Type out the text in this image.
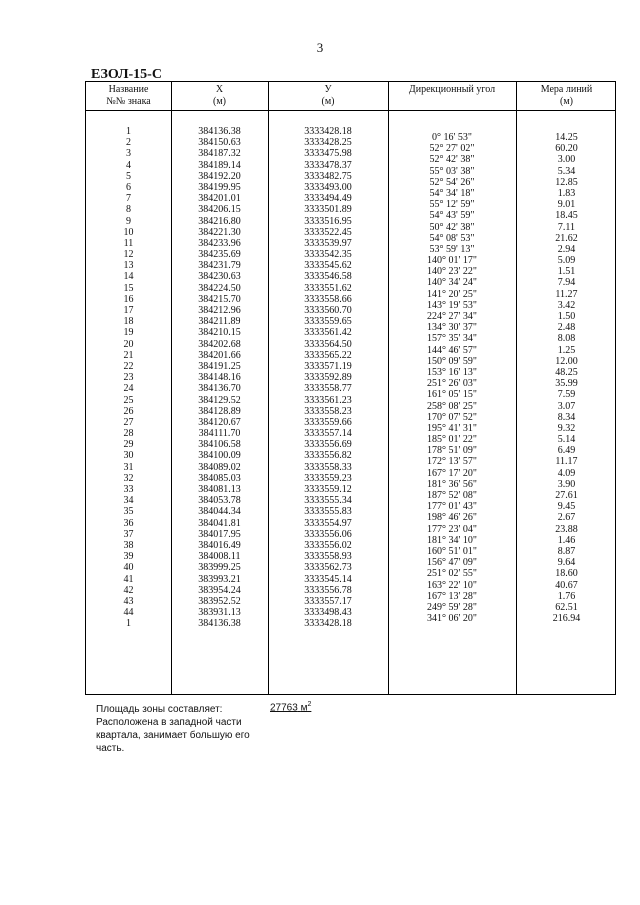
3
ЕЗОЛ-15-С
Название
№№ знака
Х
(м)
У
(м)
Дирекционный угол	Мера линий
(м)
1
2
3
4
5
6
7
8
9
10
11
12
13
14
15
16
17
18
19
20
21
22
23
24
25
26
27
28
29
30
31
32
33
34
35
36
37
38
39
40
41
42
43
44
1
384136.38
384150.63
384187.32
384189.14
384192.20
384199.95
384201.01
384206.15
384216.80
384221.30
384233.96
384235.69
384231.79
384230.63
384224.50
384215.70
384212.96
384211.89
384210.15
384202.68
384201.66
384191.25
384148.16
384136.70
384129.52
384128.89
384120.67
384111.70
384106.58
384100.09
384089.02
384085.03
384081.13
384053.78
384044.34
384041.81
384017.95
384016.49
384008.11
383999.25
383993.21
383954.24
383952.52
383931.13
384136.38
3333428.18
3333428.25
3333475.98
3333478.37
3333482.75
3333493.00
3333494.49
3333501.89
3333516.95
3333522.45
3333539.97
3333542.35
3333545.62
3333546.58
3333551.62
3333558.66
3333560.70
3333559.65
3333561.42
3333564.50
3333565.22
3333571.19
3333592.89
3333558.77
3333561.23
3333558.23
3333559.66
3333557.14
3333556.69
3333556.82
3333558.33
3333559.23
3333559.12
3333555.34
3333555.83
3333554.97
3333556.06
3333556.02
3333558.93
3333562.73
3333545.14
3333556.78
3333557.17
3333498.43
3333428.18
0° 16' 53"
52° 27' 02"
52° 42' 38"
55° 03' 38"
52° 54' 26"
54° 34' 18"
55° 12' 59"
54° 43' 59"
50° 42' 38"
54° 08' 53"
53° 59' 13"
140° 01' 17"
140° 23' 22"
140° 34' 24"
141° 20' 25"
143° 19' 53"
224° 27' 34"
134° 30' 37"
157° 35' 34"
144° 46' 57"
150° 09' 59"
153° 16' 13"
251° 26' 03"
161° 05' 15"
258° 08' 25"
170° 07' 52"
195° 41' 31"
185° 01' 22"
178° 51' 09"
172° 13' 57"
167° 17' 20"
181° 36' 56"
187° 52' 08"
177° 01' 43"
198° 46' 26"
177° 23' 04"
181° 34' 10"
160° 51' 01"
156° 47' 09"
251° 02' 55"
163° 22' 10"
167° 13' 28"
249° 59' 28"
341° 06' 20"
14.25
60.20
3.00
5.34
12.85
1.83
9.01
18.45
7.11
21.62
2.94
5.09
1.51
7.94
11.27
3.42
1.50
2.48
8.08
1.25
12.00
48.25
35.99
7.59
3.07
8.34
9.32
5.14
6.49
11.17
4.09
3.90
27.61
9.45
2.67
23.88
1.46
8.87
9.64
18.60
40.67
1.76
62.51
216.94
Площадь зоны составляет:
Расположена в западной части квартала, занимает большую его часть.
27763 $м^2$
